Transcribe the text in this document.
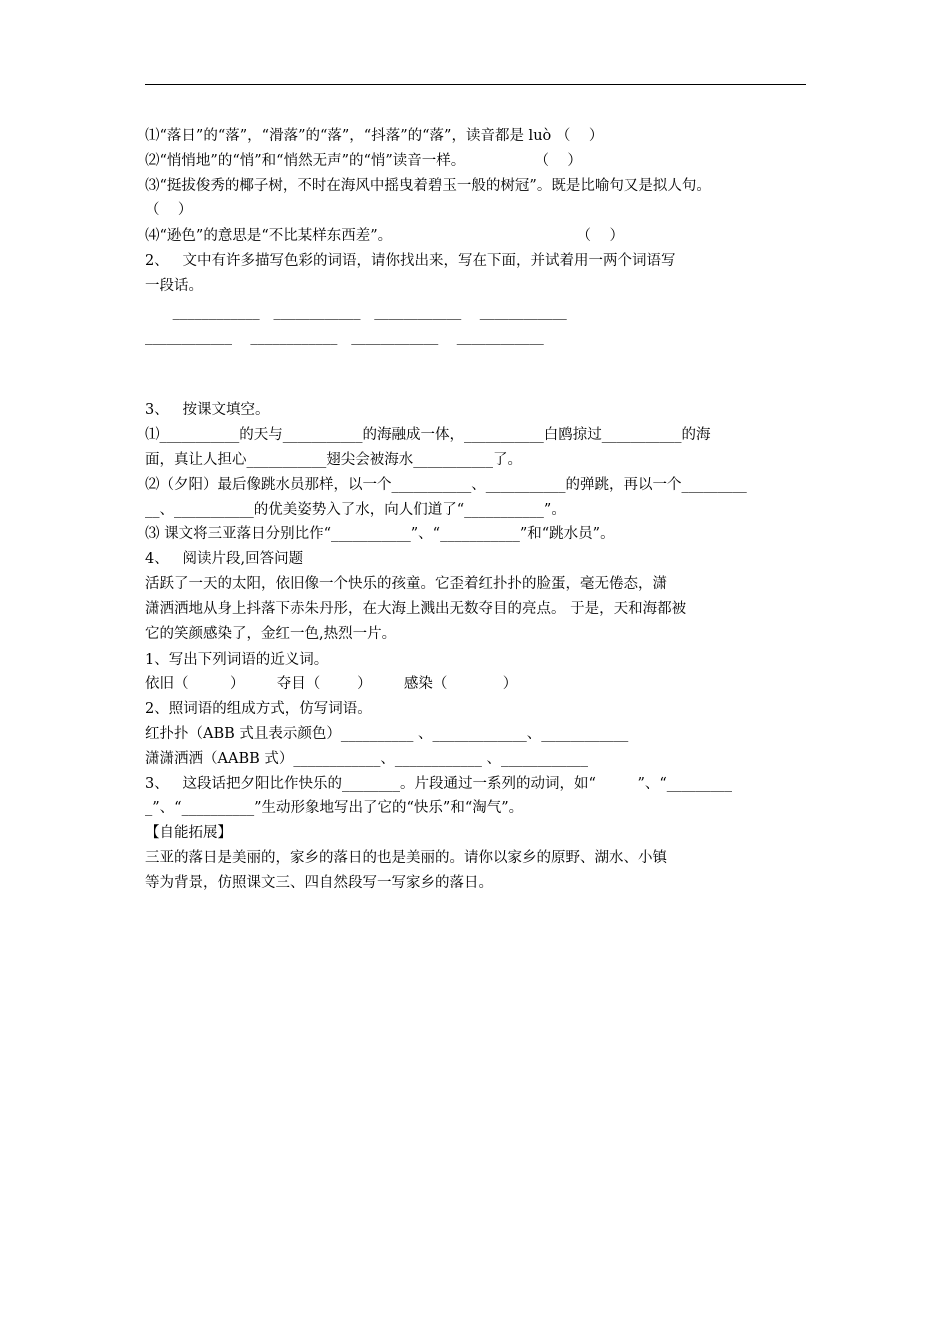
⑴“落日”的“落”，“滑落”的“落”，“抖落”的“落”，读音都是 luò （    ）
⑵“悄悄地”的“悄”和“悄然无声”的“悄”读音一样。               （    ）
⑶“挺拔俊秀的椰子树，不时在海风中摇曳着碧玉一般的树冠”。既是比喻句又是拟人句。
（    ）
⑷“逊色”的意思是“不比某样东西差”。                                        （    ）
2、   文中有许多描写色彩的词语，请你找出来，写在下面，并试着用一两个词语写
一段话。
____________   ____________   ____________    ____________
____________    ____________   ____________    ____________
3、   按课文填空。
⑴___________的天与___________的海融成一体，___________白鸥掠过___________的海
面，真让人担心___________翅尖会被海水___________了。
⑵（夕阳）最后像跳水员那样，以一个___________、___________的弹跳，再以一个_________
__、___________的优美姿势入了水，向人们道了“___________”。
⑶ 课文将三亚落日分别比作“___________”、“___________”和“跳水员”。
4、   阅读片段,回答问题
活跃了一天的太阳，依旧像一个快乐的孩童。它歪着红扑扑的脸蛋，毫无倦态，潇
潇洒洒地从身上抖落下赤朱丹彤，在大海上溅出无数夺目的亮点。 于是，天和海都被
它的笑颜感染了，金红一色,热烈一片。
1、写出下列词语的近义词。
依旧（         ）       夺目（        ）       感染（            ）
2、照词语的组成方式，仿写词语。
红扑扑（ABB 式且表示颜色）__________ 、_____________、____________
潇潇洒洒（AABB 式）____________、____________ 、____________
3、   这段话把夕阳比作快乐的________。片段通过一系列的动词，如“         ”、“_________
_”、“__________”生动形象地写出了它的“快乐”和“淘气”。
【自能拓展】
三亚的落日是美丽的，家乡的落日的也是美丽的。请你以家乡的原野、湖水、小镇
等为背景，仿照课文三、四自然段写一写家乡的落日。
